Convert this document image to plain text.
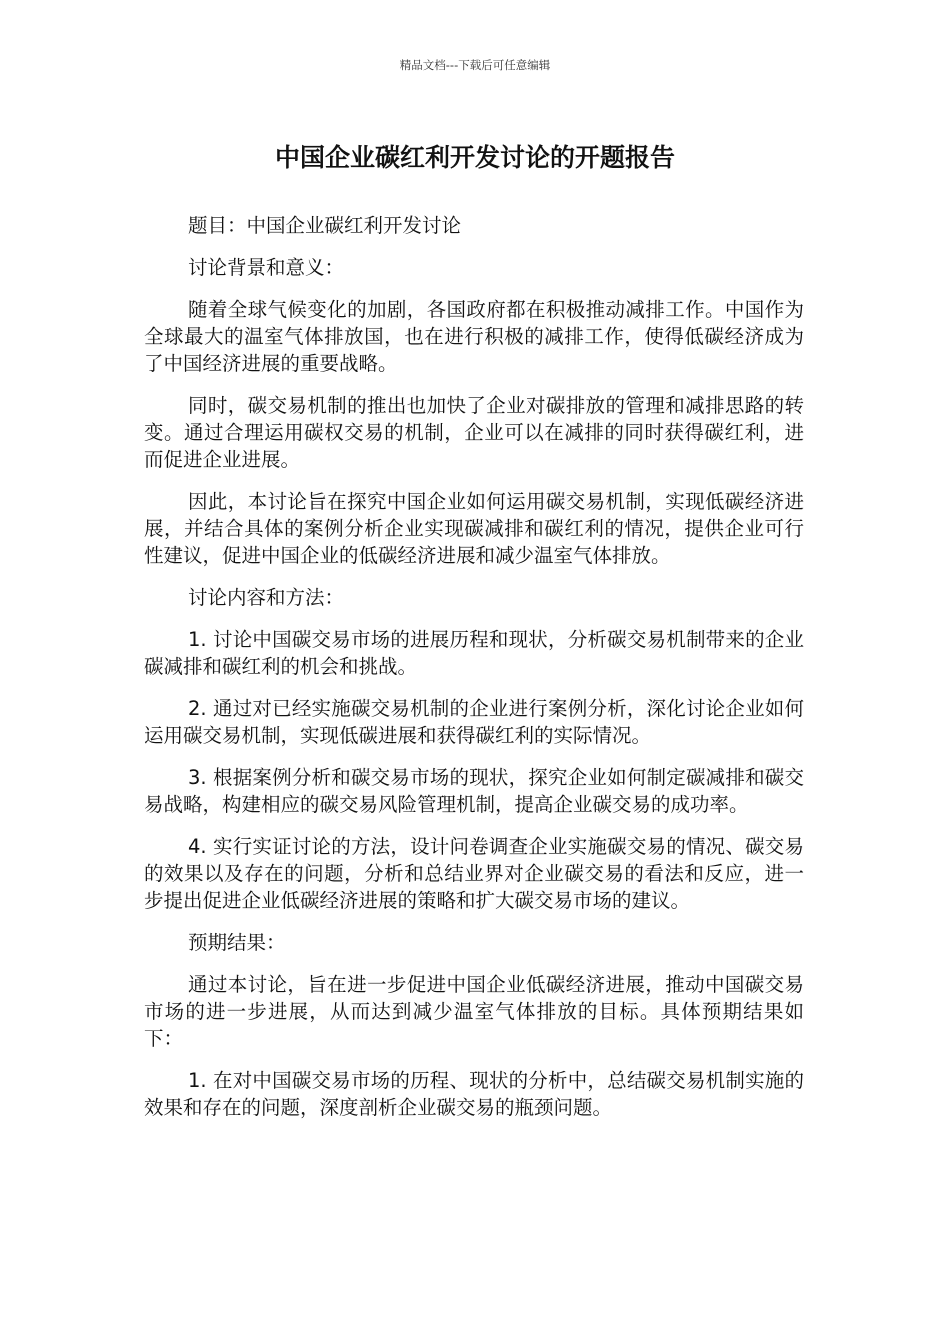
精品文档---下载后可任意编辑
中国企业碳红利开发讨论的开题报告

题目：中国企业碳红利开发讨论

讨论背景和意义：

随着全球气候变化的加剧，各国政府都在积极推动减排工作。中国作为全球最大的温室气体排放国，也在进行积极的减排工作，使得低碳经济成为了中国经济进展的重要战略。

同时，碳交易机制的推出也加快了企业对碳排放的管理和减排思路的转变。通过合理运用碳权交易的机制，企业可以在减排的同时获得碳红利，进而促进企业进展。

因此，本讨论旨在探究中国企业如何运用碳交易机制，实现低碳经济进展，并结合具体的案例分析企业实现碳减排和碳红利的情况，提供企业可行性建议，促进中国企业的低碳经济进展和减少温室气体排放。

讨论内容和方法：

1. 讨论中国碳交易市场的进展历程和现状，分析碳交易机制带来的企业碳减排和碳红利的机会和挑战。

2. 通过对已经实施碳交易机制的企业进行案例分析，深化讨论企业如何运用碳交易机制，实现低碳进展和获得碳红利的实际情况。

3. 根据案例分析和碳交易市场的现状，探究企业如何制定碳减排和碳交易战略，构建相应的碳交易风险管理机制，提高企业碳交易的成功率。

4. 实行实证讨论的方法，设计问卷调查企业实施碳交易的情况、碳交易的效果以及存在的问题，分析和总结业界对企业碳交易的看法和反应，进一步提出促进企业低碳经济进展的策略和扩大碳交易市场的建议。

预期结果：

通过本讨论，旨在进一步促进中国企业低碳经济进展，推动中国碳交易市场的进一步进展，从而达到减少温室气体排放的目标。具体预期结果如下：

1. 在对中国碳交易市场的历程、现状的分析中，总结碳交易机制实施的效果和存在的问题，深度剖析企业碳交易的瓶颈问题。
